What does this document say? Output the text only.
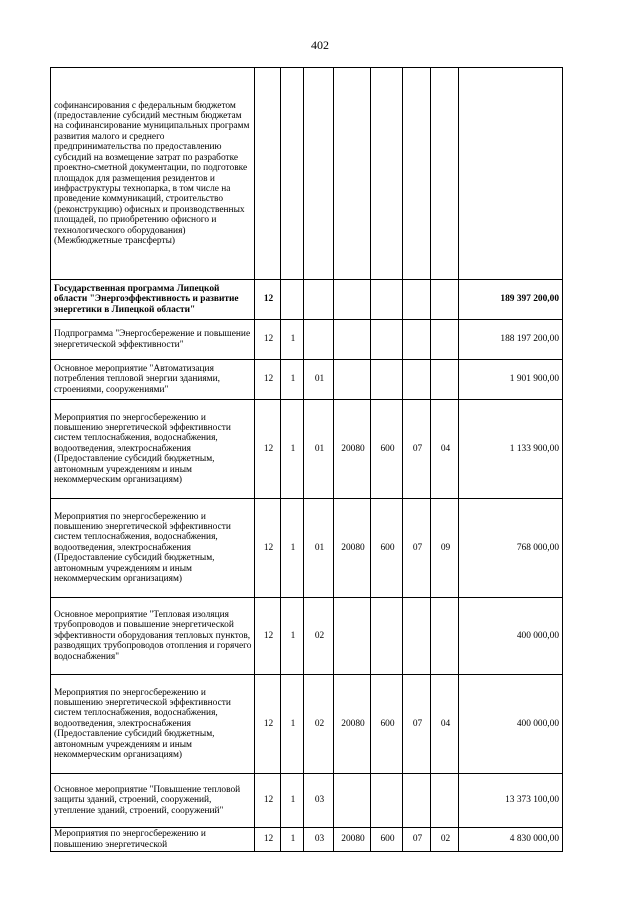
402
софинансирования с федеральным бюджетом (предоставление субсидий местным бюджетам на софинансирование муниципальных программ развития малого и среднего предпринимательства по предоставлению субсидий на возмещение затрат по разработке проектно-сметной документации, по подготовке площадок для размещения резидентов и инфраструктуры технопарка, в том числе на проведение коммуникаций, строительство (реконструкцию) офисных и производственных площадей, по приобретению офисного и технологического оборудования) (Межбюджетные трансферты)								
Государственная программа Липецкой области "Энергоэффективность и развитие энергетики в Липецкой области"	12							189 397 200,00
Подпрограмма "Энергосбережение и повышение энергетической эффективности"	12	1						188 197 200,00
Основное мероприятие "Автоматизация потребления тепловой энергии зданиями, строениями, сооружениями"	12	1	01					1 901 900,00
Мероприятия по энергосбережению и повышению энергетической эффективности систем теплоснабжения, водоснабжения, водоотведения, электроснабжения (Предоставление субсидий бюджетным, автономным учреждениям и иным некоммерческим организациям)	12	1	01	20080	600	07	04	1 133 900,00
Мероприятия по энергосбережению и повышению энергетической эффективности систем теплоснабжения, водоснабжения, водоотведения, электроснабжения (Предоставление субсидий бюджетным, автономным учреждениям и иным некоммерческим организациям)	12	1	01	20080	600	07	09	768 000,00
Основное мероприятие "Тепловая изоляция трубопроводов и повышение энергетической эффективности оборудования тепловых пунктов, разводящих трубопроводов отопления и горячего водоснабжения"	12	1	02					400 000,00
Мероприятия по энергосбережению и повышению энергетической эффективности систем теплоснабжения, водоснабжения, водоотведения, электроснабжения (Предоставление субсидий бюджетным, автономным учреждениям и иным некоммерческим организациям)	12	1	02	20080	600	07	04	400 000,00
Основное мероприятие "Повышение тепловой защиты зданий, строений, сооружений, утепление зданий, строений, сооружений"	12	1	03					13 373 100,00
Мероприятия по энергосбережению и повышению энергетической	12	1	03	20080	600	07	02	4 830 000,00
